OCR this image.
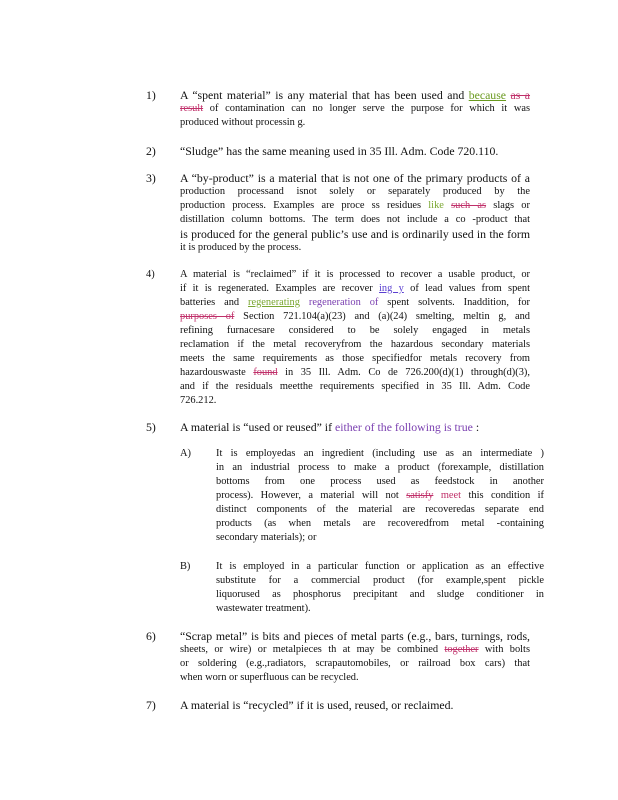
1)	A “spent material” is any material that has been used and because as a
result of contamination can no longer serve the purpose for which it was
produced without processin g.
2)	“Sludge” has the same meaning used in 35 Ill. Adm. Code 720.110.
3)	A “by-product” is a material that is not one of the primary products of a
production processand isnot solely or separately produced by the
production process. Examples are proce ss residues like such as slags or
distillation column bottoms. The term does not include a co -product that
is produced for the general public’s use and is ordinarily used in the form
it is produced by the process.
4)	A material is “reclaimed” if it is processed to recover a usable product, or
if it is regenerated. Examples are recover ing y of lead values from spent
batteries and regenerating regeneration of spent solvents. Inaddition, for
purposes of Section 721.104(a)(23) and (a)(24) smelting, meltin g, and
refining furnacesare considered to be solely engaged in metals
reclamation if the metal recoveryfrom the hazardous secondary materials
meets the same requirements as those specifiedfor metals recovery from
hazardouswaste found in 35 Ill. Adm. Co de 726.200(d)(1) through(d)(3),
and if the residuals meetthe requirements specified in 35 Ill. Adm. Code
726.212.
5)	A material is “used or reused” if either of the following is true :
A) It is employedas an ingredient (including use as an intermediate )
in an industrial process to make a product (forexample, distillation
bottoms from one process used as feedstock in another
process). However, a material will not satisfy meet this condition if
distinct components of the material are recoveredas separate end
products (as when metals are recoveredfrom metal -containing
secondary materials); or
B) It is employed in a particular function or application as an effective
substitute for a commercial product (for example,spent pickle
liquorused as phosphorus precipitant and sludge conditioner in
wastewater treatment).
6)	“Scrap metal” is bits and pieces of metal parts (e.g., bars, turnings, rods,
sheets, or wire) or metalpieces th at may be combined together with bolts
or soldering (e.g.,radiators, scrapautomobiles, or railroad box cars) that
when worn or superfluous can be recycled.
7)	A material is “recycled” if it is used, reused, or reclaimed.
